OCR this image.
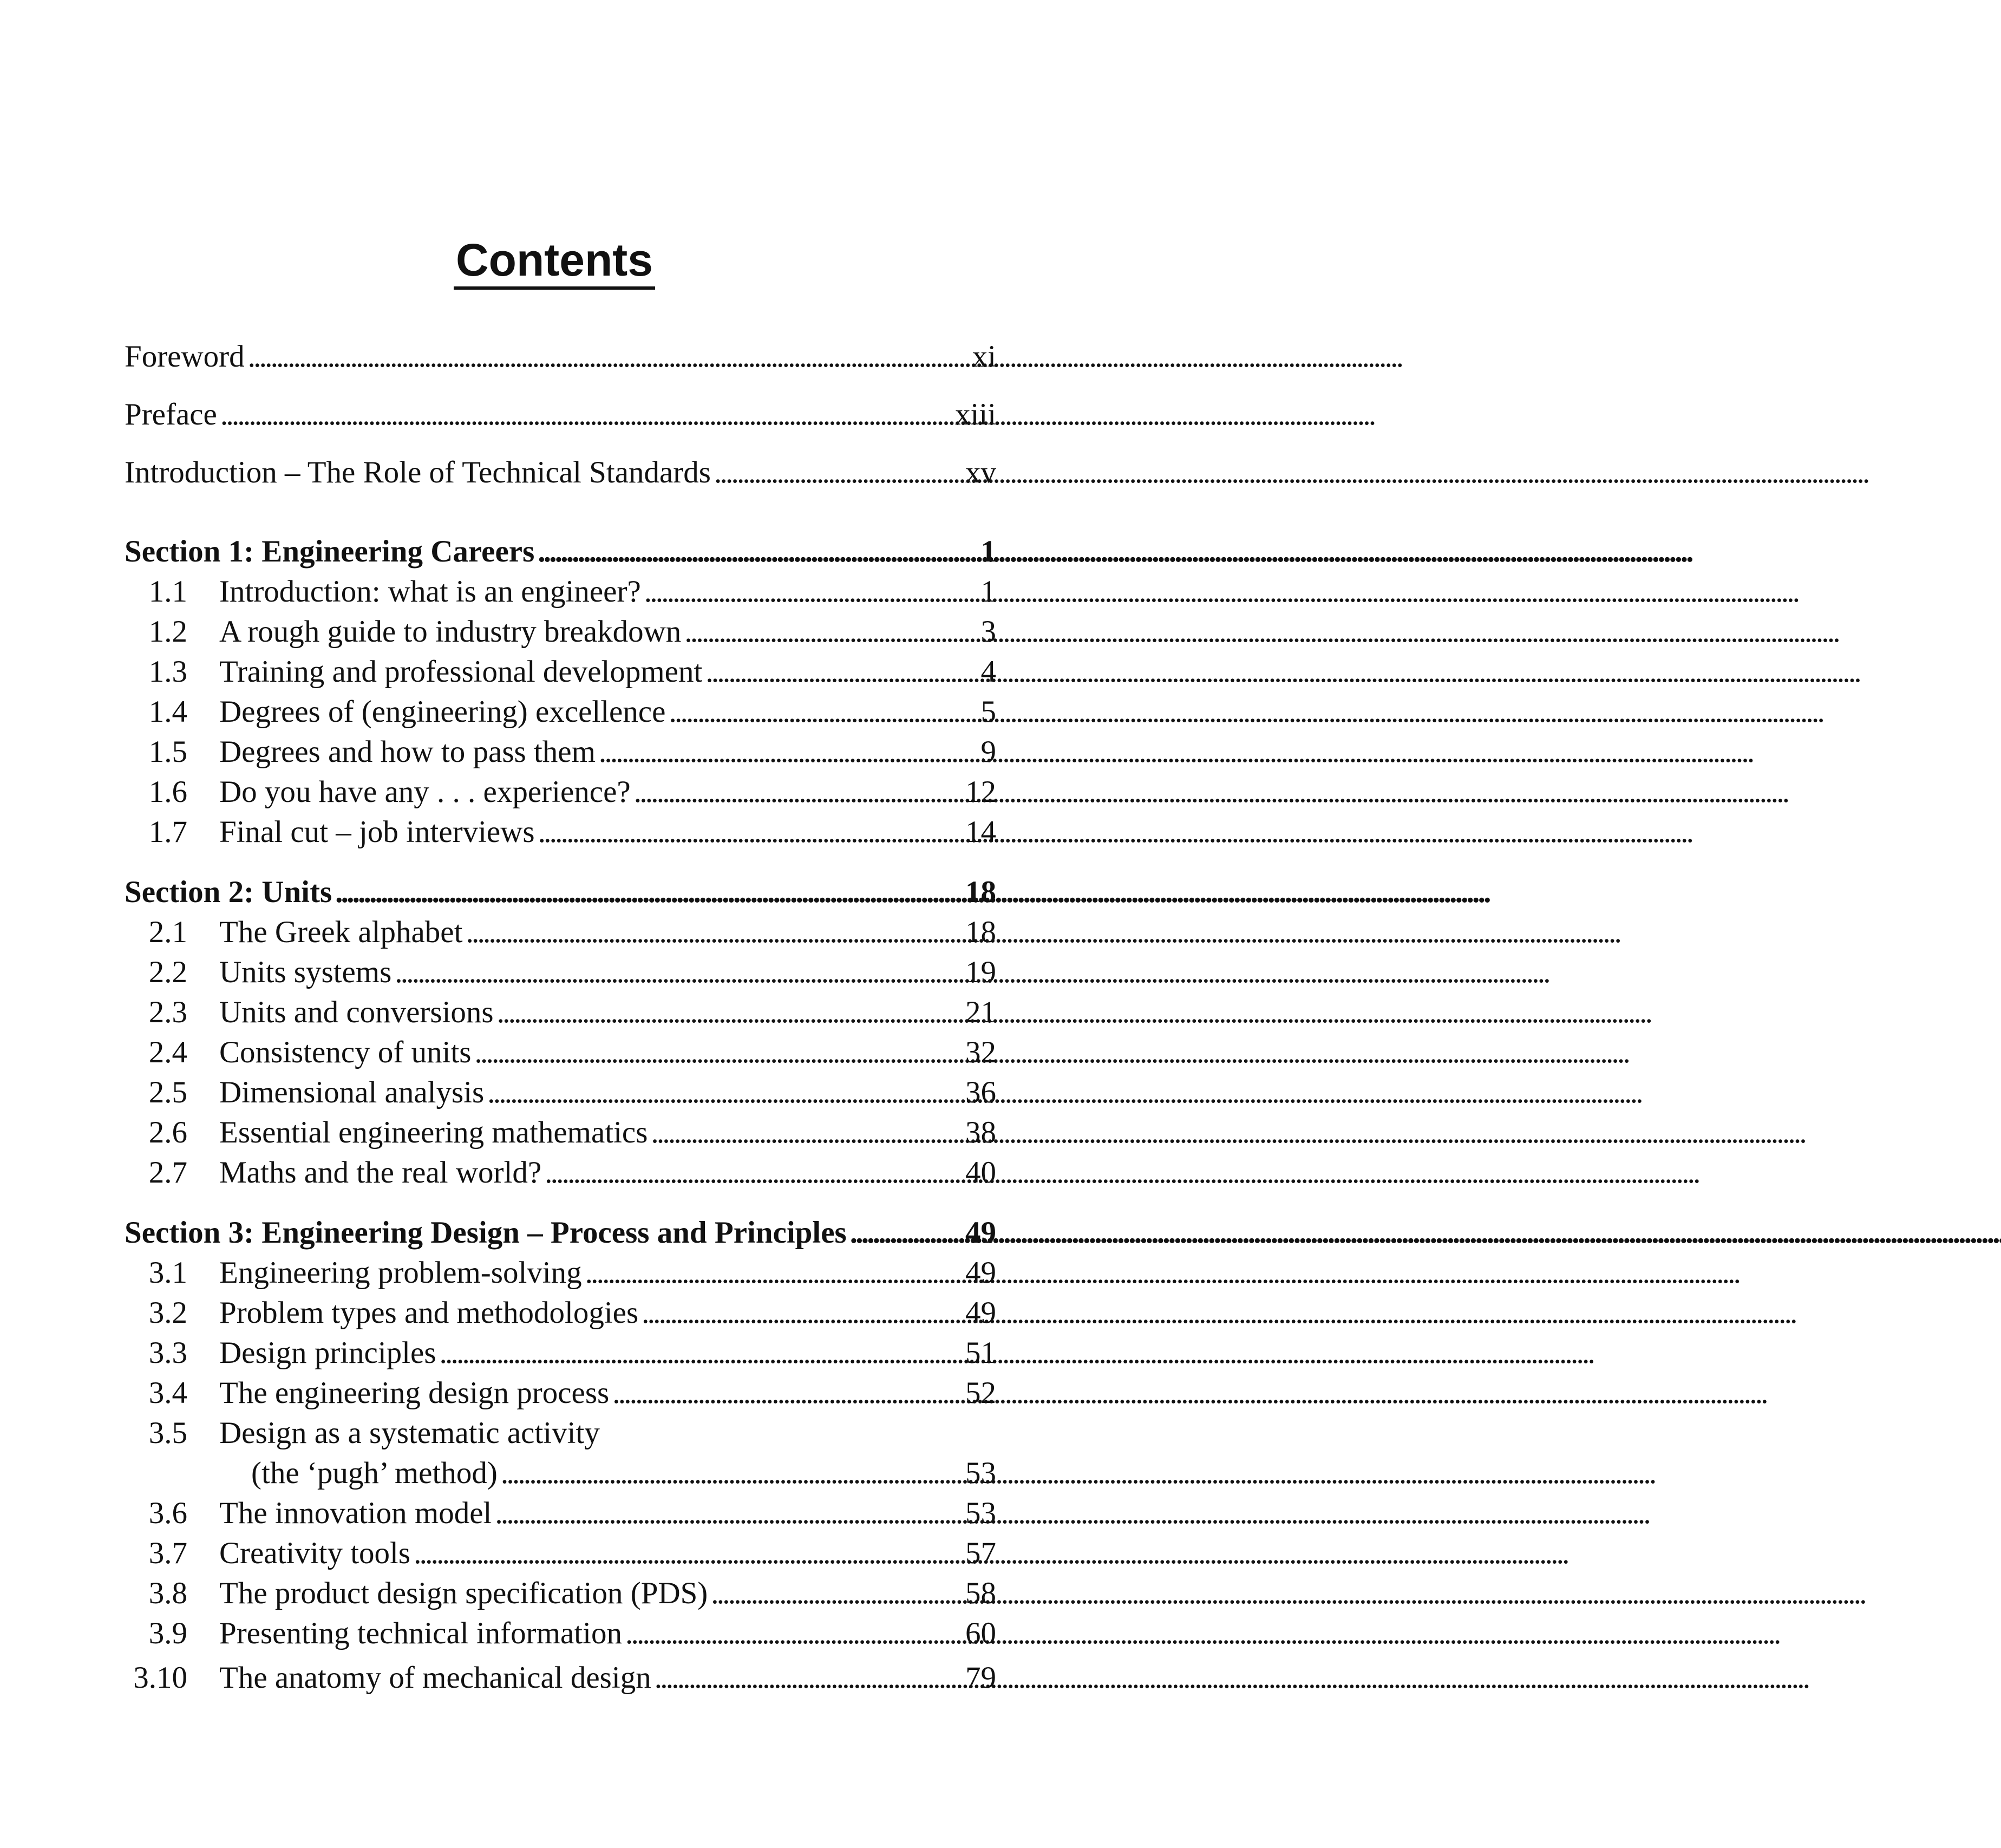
Contents
Foreword . . .	xi
Preface . . .	xiii
Introduction – The Role of Technical Standards . . .	xv
Section 1: Engineering Careers . . .	1
1.1	Introduction: what is an engineer? . . .	1
1.2	A rough guide to industry breakdown . . .	3
1.3	Training and professional development . . .	4
1.4	Degrees of (engineering) excellence . . .	5
1.5	Degrees and how to pass them . . .	9
1.6	Do you have any . . . experience? . . .	12
1.7	Final cut – job interviews . . .	14
Section 2: Units . . .	18
2.1	The Greek alphabet . . .	18
2.2	Units systems . . .	19
2.3	Units and conversions . . .	21
2.4	Consistency of units . . .	32
2.5	Dimensional analysis . . .	36
2.6	Essential engineering mathematics . . .	38
2.7	Maths and the real world? . . .	40
Section 3: Engineering Design – Process and Principles . . .	49
3.1	Engineering problem-solving . . .	49
3.2	Problem types and methodologies . . .	49
3.3	Design principles . . .	51
3.4	The engineering design process . . .	52
3.5	Design as a systematic activity
(the ‘pugh’ method) . . .	53
3.6	The innovation model . . .	53
3.7	Creativity tools . . .	57
3.8	The product design specification (PDS) . . .	58
3.9	Presenting technical information . . .	60
3.10	The anatomy of mechanical design . . .	79
